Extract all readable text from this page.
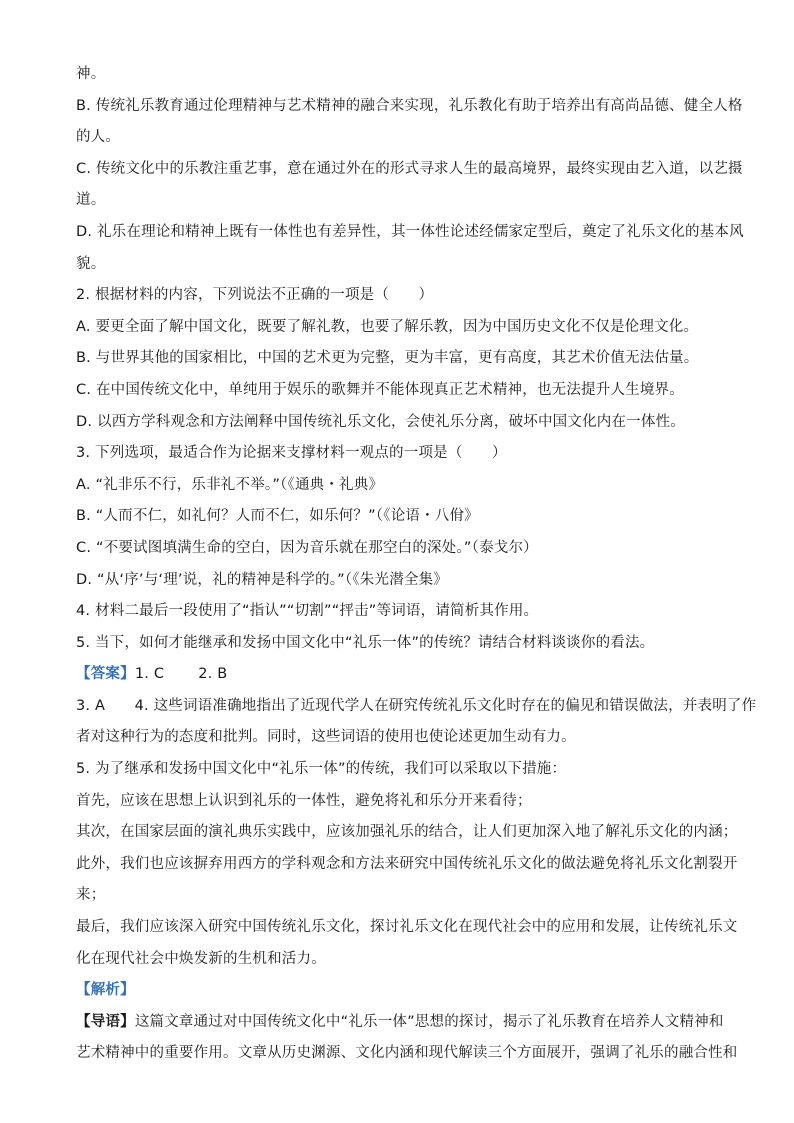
神。
B. 传统礼乐教育通过伦理精神与艺术精神的融合来实现，礼乐教化有助于培养出有高尚品德、健全人格
的人。
C. 传统文化中的乐教注重艺事，意在通过外在的形式寻求人生的最高境界，最终实现由艺入道，以艺摄
道。
D. 礼乐在理论和精神上既有一体性也有差异性，其一体性论述经儒家定型后，奠定了礼乐文化的基本风
貌。
2. 根据材料的内容，下列说法不正确的一项是（　　）
A. 要更全面了解中国文化，既要了解礼教，也要了解乐教，因为中国历史文化不仅是伦理文化。
B. 与世界其他的国家相比，中国的艺术更为完整，更为丰富，更有高度，其艺术价值无法估量。
C. 在中国传统文化中，单纯用于娱乐的歌舞并不能体现真正艺术精神，也无法提升人生境界。
D. 以西方学科观念和方法阐释中国传统礼乐文化，会使礼乐分离，破坏中国文化内在一体性。
3. 下列选项，最适合作为论据来支撑材料一观点的一项是（　　）
A. “礼非乐不行，乐非礼不举。”（《通典・礼典》
B. “人而不仁，如礼何？人而不仁，如乐何？”（《论语・八佾》
C. “不要试图填满生命的空白，因为音乐就在那空白的深处。”（泰戈尔）
D. “从‘序’与‘理’说，礼的精神是科学的。”（《朱光潜全集》
4. 材料二最后一段使用了“指认”“切割”“抨击”等词语，请简析其作用。
5. 当下，如何才能继承和发扬中国文化中“礼乐一体”的传统？请结合材料谈谈你的看法。
【答案】1. C 2. B
3. A　　4. 这些词语准确地指出了近现代学人在研究传统礼乐文化时存在的偏见和错误做法，并表明了作
者对这种行为的态度和批判。同时，这些词语的使用也使论述更加生动有力。
5. 为了继承和发扬中国文化中“礼乐一体”的传统，我们可以采取以下措施：
首先，应该在思想上认识到礼乐的一体性，避免将礼和乐分开来看待；
其次，在国家层面的演礼典乐实践中，应该加强礼乐的结合，让人们更加深入地了解礼乐文化的内涵；
此外，我们也应该摒弃用西方的学科观念和方法来研究中国传统礼乐文化的做法避免将礼乐文化割裂开
来；
最后，我们应该深入研究中国传统礼乐文化，探讨礼乐文化在现代社会中的应用和发展，让传统礼乐文
化在现代社会中焕发新的生机和活力。
【解析】
【导语】这篇文章通过对中国传统文化中“礼乐一体”思想的探讨，揭示了礼乐教育在培养人文精神和
艺术精神中的重要作用。文章从历史渊源、文化内涵和现代解读三个方面展开，强调了礼乐的融合性和
